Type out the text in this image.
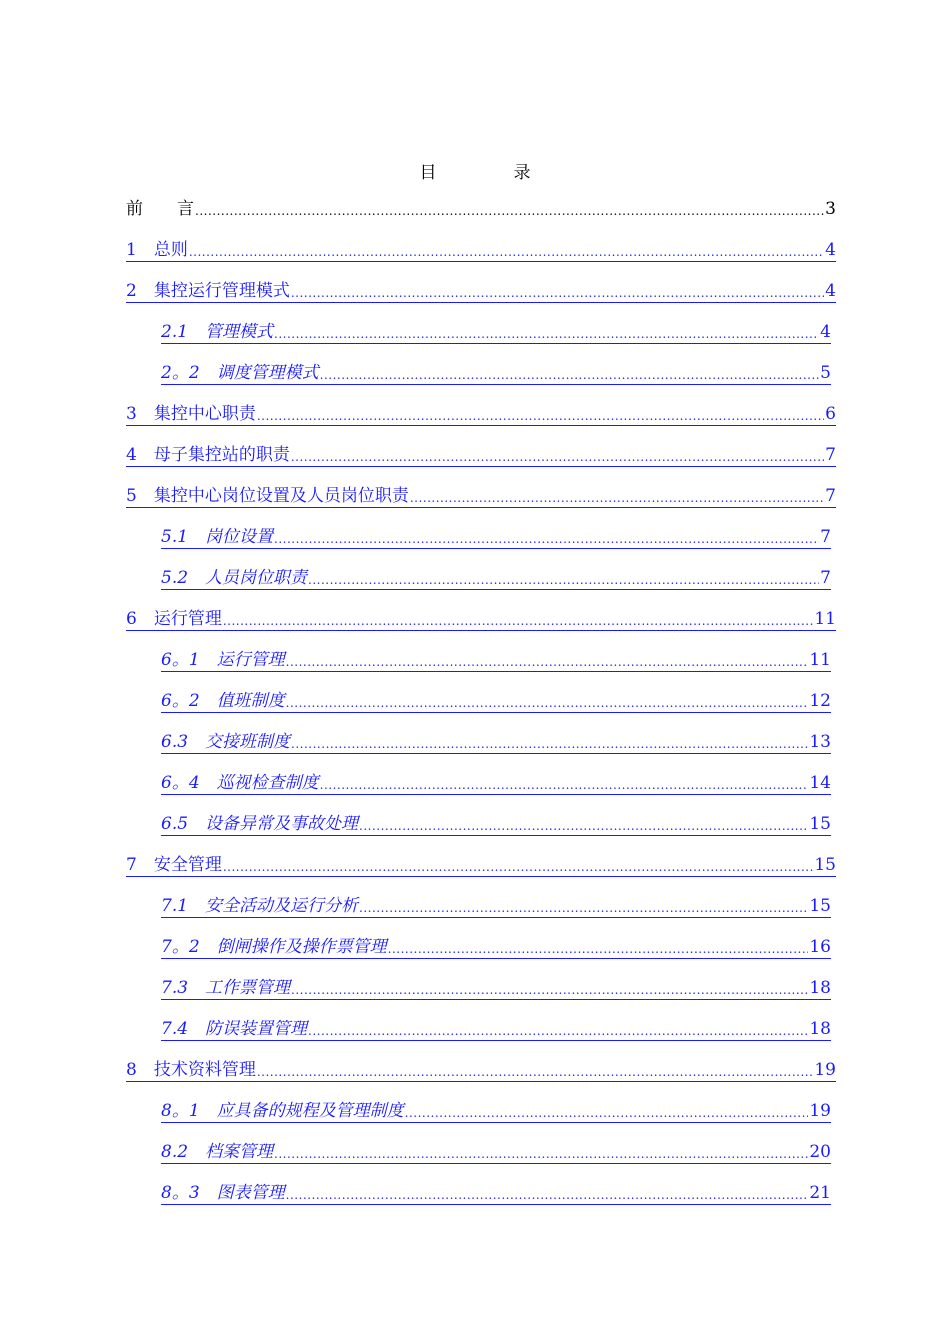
目　录
前　　言 .....	3
1　总则 .....	4
2　集控运行管理模式 .....	4
2.1　管理模式 .....	4
2。2　调度管理模式 .....	5
3　集控中心职责 .....	6
4　母子集控站的职责 .....	7
5　集控中心岗位设置及人员岗位职责 .....	7
5.1　岗位设置 .....	7
5.2　人员岗位职责 .....	7
6　运行管理 .....	11
6。1　运行管理 .....	11
6。2　值班制度 .....	12
6.3　交接班制度 .....	13
6。4　巡视检查制度 .....	14
6.5　设备异常及事故处理 .....	15
7　安全管理 .....	15
7.1　安全活动及运行分析 .....	15
7。2　倒闸操作及操作票管理 .....	16
7.3　工作票管理 .....	18
7.4　防误装置管理 .....	18
8　技术资料管理 .....	19
8。1　应具备的规程及管理制度 .....	19
8.2　档案管理 .....	20
8。3　图表管理 .....	21
